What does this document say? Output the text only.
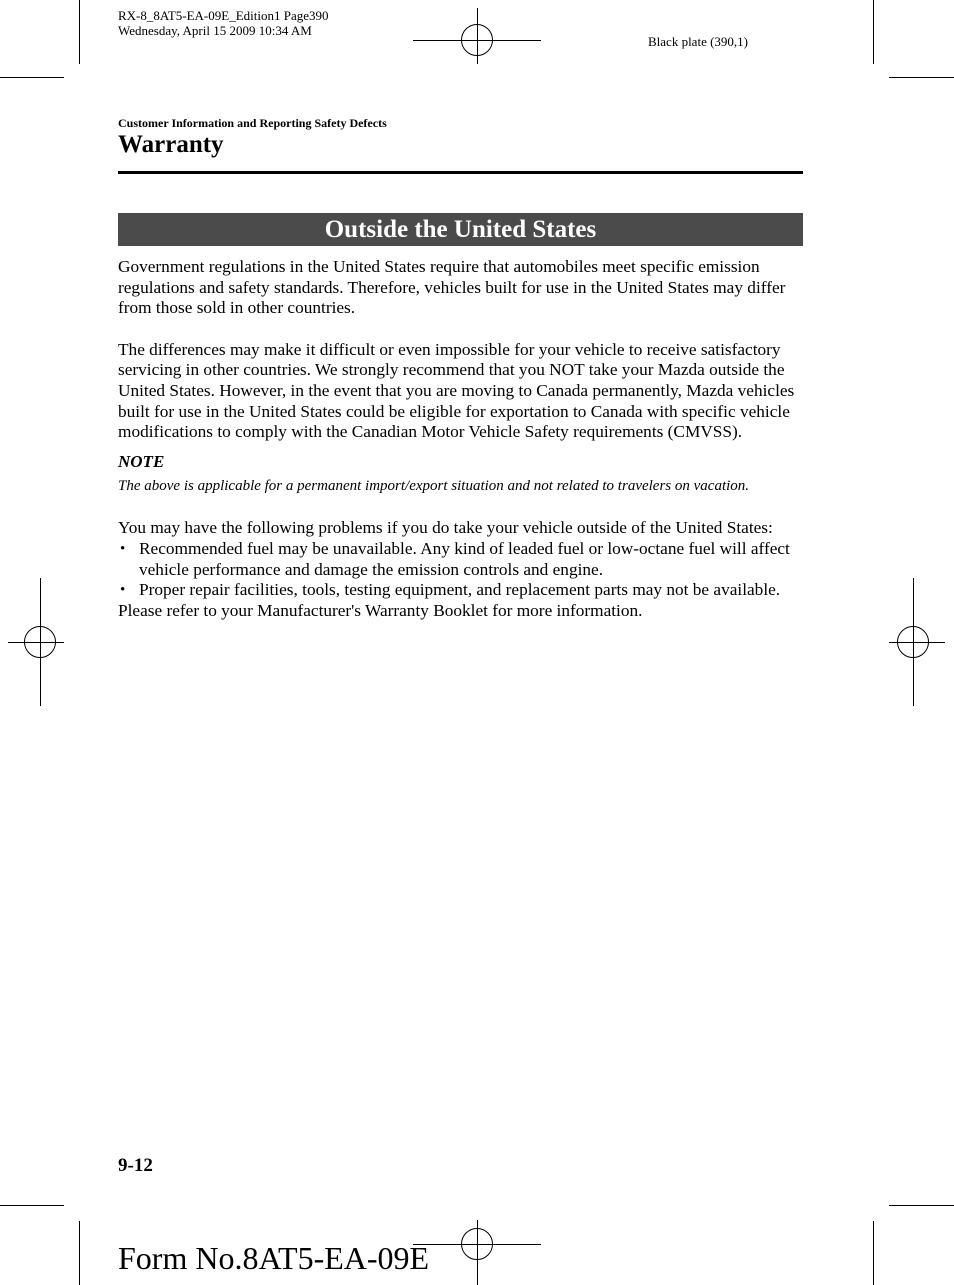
RX-8_8AT5-EA-09E_Edition1 Page390
Wednesday, April 15 2009 10:34 AM
Black plate (390,1)
Customer Information and Reporting Safety Defects
Warranty
Outside the United States

Government regulations in the United States require that automobiles meet specific emission regulations and safety standards. Therefore, vehicles built for use in the United States may differ from those sold in other countries.

The differences may make it difficult or even impossible for your vehicle to receive satisfactory servicing in other countries. We strongly recommend that you NOT take your Mazda outside the United States. However, in the event that you are moving to Canada permanently, Mazda vehicles built for use in the United States could be eligible for exportation to Canada with specific vehicle modifications to comply with the Canadian Motor Vehicle Safety requirements (CMVSS).

NOTE

The above is applicable for a permanent import/export situation and not related to travelers on vacation.

You may have the following problems if you do take your vehicle outside of the United States:

• Recommended fuel may be unavailable. Any kind of leaded fuel or low-octane fuel will affect vehicle performance and damage the emission controls and engine.
• Proper repair facilities, tools, testing equipment, and replacement parts may not be available.

Please refer to your Manufacturer's Warranty Booklet for more information.

9-12
Form No.8AT5-EA-09E
